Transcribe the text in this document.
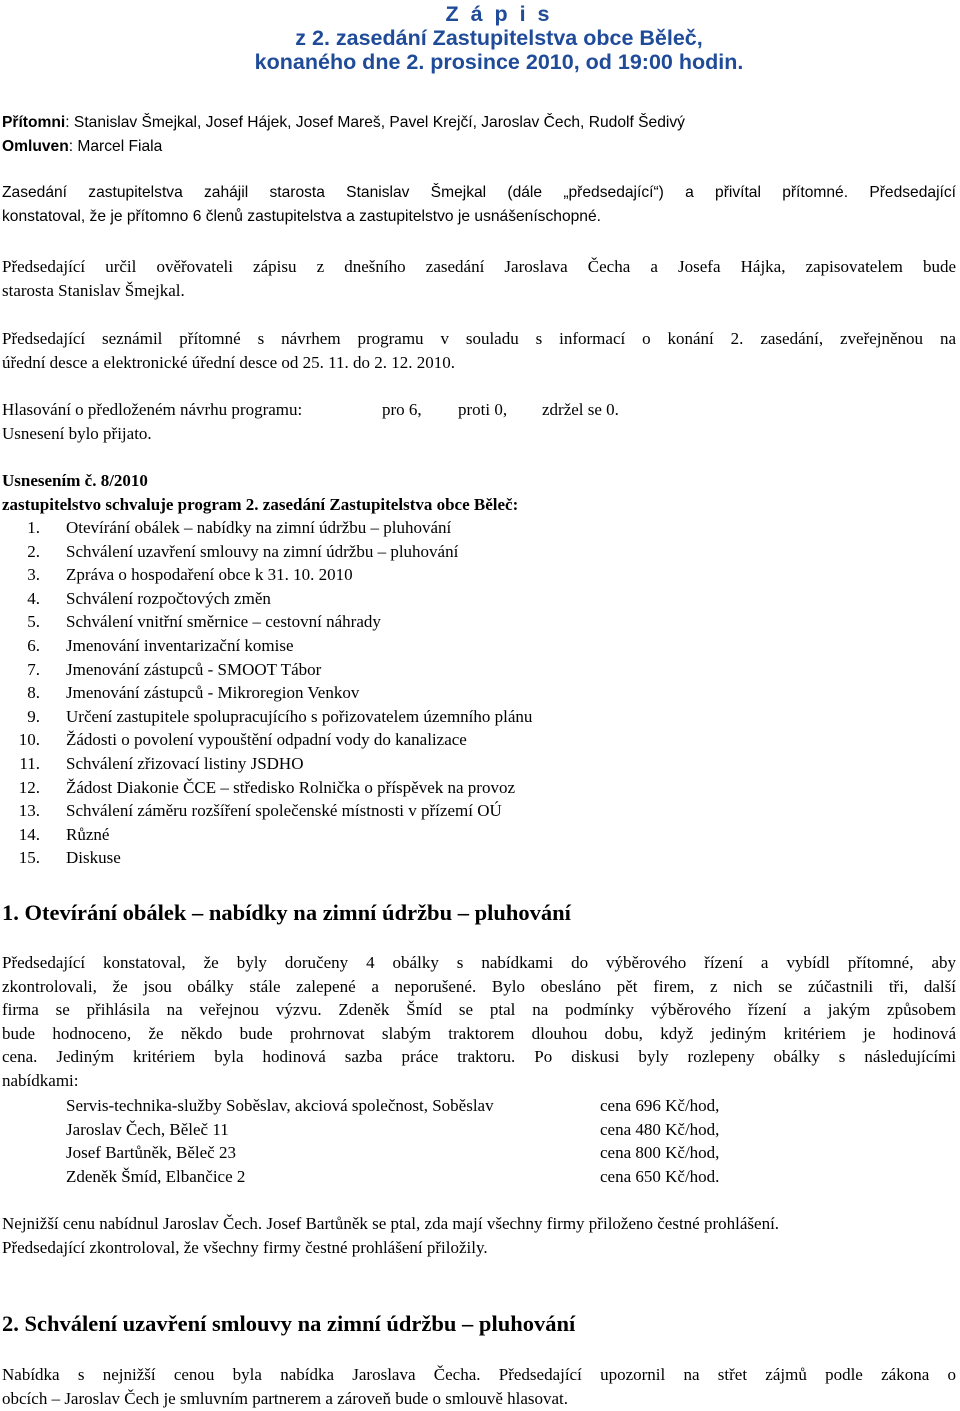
Z á p i s
z 2. zasedání Zastupitelstva obce Běleč,
konaného dne 2. prosince 2010, od 19:00 hodin.
Přítomni: Stanislav Šmejkal, Josef Hájek, Josef Mareš, Pavel Krejčí, Jaroslav Čech, Rudolf Šedivý
Omluven: Marcel Fiala
Zasedání zastupitelstva zahájil starosta Stanislav Šmejkal (dále „předsedající“) a přivítal přítomné. Předsedající
konstatoval, že je přítomno 6 členů zastupitelstva a zastupitelstvo je usnášeníschopné.
Předsedající určil ověřovateli zápisu z dnešního zasedání Jaroslava Čecha a Josefa Hájka, zapisovatelem bude
starosta Stanislav Šmejkal.
Předsedající seznámil přítomné s návrhem programu v souladu s informací o konání 2. zasedání, zveřejněnou na
úřední desce a elektronické úřední desce od 25. 11. do 2. 12. 2010.
Hlasování o předloženém návrhu programu:	pro 6, proti 0, zdržel se 0.
Usnesení bylo přijato.
Usnesením č. 8/2010
zastupitelstvo schvaluje program 2. zasedání Zastupitelstva obce Běleč:
1.	Otevírání obálek – nabídky na zimní údržbu – pluhování
2.	Schválení uzavření smlouvy na zimní údržbu – pluhování
3.	Zpráva o hospodaření obce k 31. 10. 2010
4.	Schválení rozpočtových změn
5.	Schválení vnitřní směrnice – cestovní náhrady
6.	Jmenování inventarizační komise
7.	Jmenování zástupců - SMOOT Tábor
8.	Jmenování zástupců - Mikroregion Venkov
9.	Určení zastupitele spolupracujícího s pořizovatelem územního plánu
10.	Žádosti o povolení vypouštění odpadní vody do kanalizace
11.	Schválení zřizovací listiny JSDHO
12.	Žádost Diakonie ČCE – středisko Rolnička o příspěvek na provoz
13.	Schválení záměru rozšíření společenské místnosti v přízemí OÚ
14.	Různé
15.	Diskuse
1. Otevírání obálek – nabídky na zimní údržbu – pluhování
Předsedající konstatoval, že byly doručeny 4 obálky s nabídkami do výběrového řízení a vybídl přítomné, aby
zkontrolovali, že jsou obálky stále zalepené a neporušené. Bylo obesláno pět firem, z nich se zúčastnili tři, další
firma se přihlásila na veřejnou výzvu. Zdeněk Šmíd se ptal na podmínky výběrového řízení a jakým způsobem
bude hodnoceno, že někdo bude prohrnovat slabým traktorem dlouhou dobu, když jediným kritériem je hodinová
cena. Jediným kritériem byla hodinová sazba práce traktoru. Po diskusi byly rozlepeny obálky s následujícími
nabídkami:
Servis-technika-služby Soběslav, akciová společnost, Soběslav	cena 696 Kč/hod,
Jaroslav Čech, Běleč 11	cena 480 Kč/hod,
Josef Bartůněk, Běleč 23	cena 800 Kč/hod,
Zdeněk Šmíd, Elbančice 2	cena 650 Kč/hod.
Nejnižší cenu nabídnul Jaroslav Čech. Josef Bartůněk se ptal, zda mají všechny firmy přiloženo čestné prohlášení.
Předsedající zkontroloval, že všechny firmy čestné prohlášení přiložily.
2. Schválení uzavření smlouvy na zimní údržbu – pluhování
Nabídka s nejnižší cenou byla nabídka Jaroslava Čecha. Předsedající upozornil na střet zájmů podle zákona o
obcích – Jaroslav Čech je smluvním partnerem a zároveň bude o smlouvě hlasovat.
